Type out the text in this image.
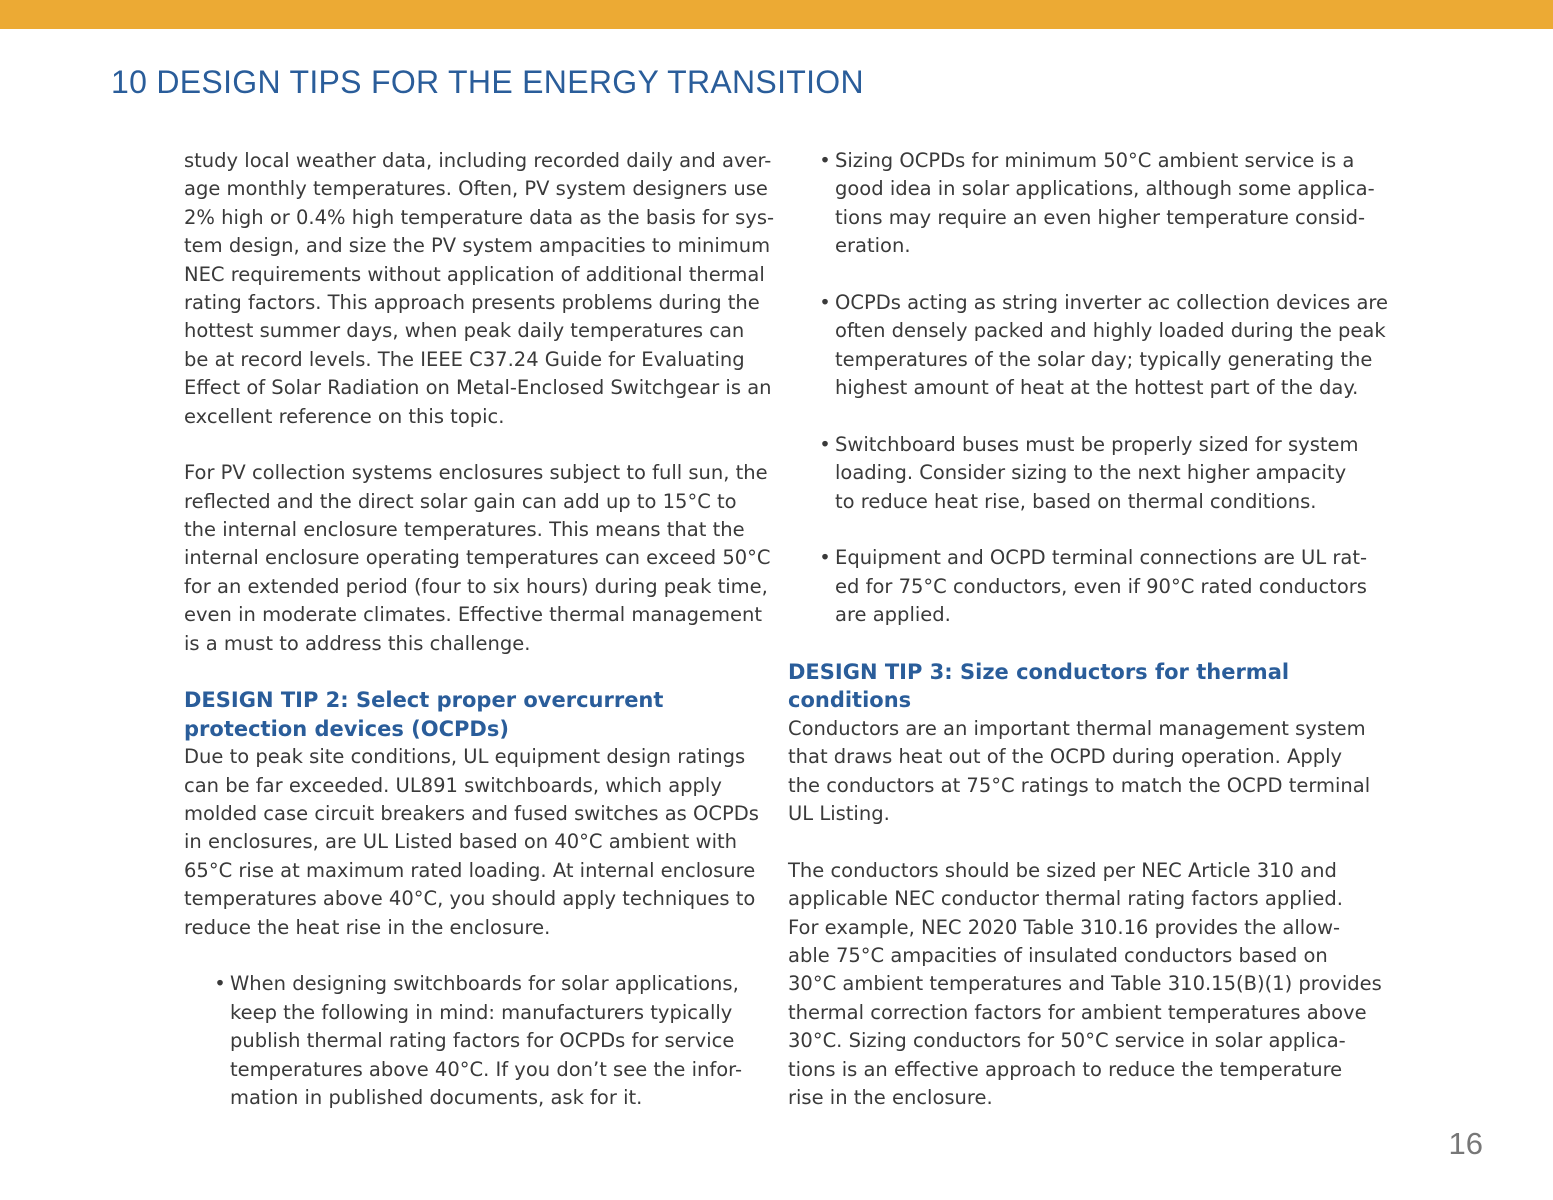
10 DESIGN TIPS FOR THE ENERGY TRANSITION
study local weather data, including recorded daily and aver-
age monthly temperatures. Often, PV system designers use
2% high or 0.4% high temperature data as the basis for sys-
tem design, and size the PV system ampacities to minimum
NEC requirements without application of additional thermal
rating factors. This approach presents problems during the
hottest summer days, when peak daily temperatures can
be at record levels. The IEEE C37.24 Guide for Evaluating
Effect of Solar Radiation on Metal-Enclosed Switchgear is an
excellent reference on this topic.
For PV collection systems enclosures subject to full sun, the
reflected and the direct solar gain can add up to 15°C to
the internal enclosure temperatures. This means that the
internal enclosure operating temperatures can exceed 50°C
for an extended period (four to six hours) during peak time,
even in moderate climates. Effective thermal management
is a must to address this challenge.
DESIGN TIP 2: Select proper overcurrent
protection devices (OCPDs)
Due to peak site conditions, UL equipment design ratings
can be far exceeded. UL891 switchboards, which apply
molded case circuit breakers and fused switches as OCPDs
in enclosures, are UL Listed based on 40°C ambient with
65°C rise at maximum rated loading. At internal enclosure
temperatures above 40°C, you should apply techniques to
reduce the heat rise in the enclosure.
• When designing switchboards for solar applications,
keep the following in mind: manufacturers typically
publish thermal rating factors for OCPDs for service
temperatures above 40°C. If you don’t see the infor-
mation in published documents, ask for it.
• Sizing OCPDs for minimum 50°C ambient service is a
good idea in solar applications, although some applica-
tions may require an even higher temperature consid-
eration.
• OCPDs acting as string inverter ac collection devices are
often densely packed and highly loaded during the peak
temperatures of the solar day; typically generating the
highest amount of heat at the hottest part of the day.
• Switchboard buses must be properly sized for system
loading. Consider sizing to the next higher ampacity
to reduce heat rise, based on thermal conditions.
• Equipment and OCPD terminal connections are UL rat-
ed for 75°C conductors, even if 90°C rated conductors
are applied.
DESIGN TIP 3: Size conductors for thermal
conditions
Conductors are an important thermal management system
that draws heat out of the OCPD during operation. Apply
the conductors at 75°C ratings to match the OCPD terminal
UL Listing.
The conductors should be sized per NEC Article 310 and
applicable NEC conductor thermal rating factors applied.
For example, NEC 2020 Table 310.16 provides the allow-
able 75°C ampacities of insulated conductors based on
30°C ambient temperatures and Table 310.15(B)(1) provides
thermal correction factors for ambient temperatures above
30°C. Sizing conductors for 50°C service in solar applica-
tions is an effective approach to reduce the temperature
rise in the enclosure.
16
